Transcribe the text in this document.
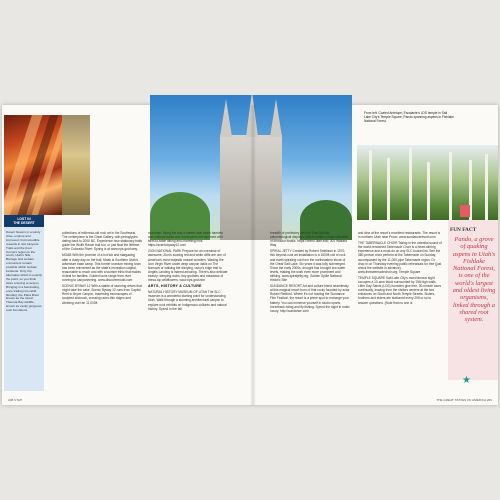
From left: Coated Antelope; Escalante's LDS temple in Salt Lake City's Temple Square; Pando spanning aspens in Fishlake National Forest.
LOST IN
THE DESERT
Desert flowers in a windy drive, explore and improved; find incredible rewards in slot canyons. Trails and the Four Corners region to the south, Utah's hills, Barrage and sudden encounters remain possible within sudden incidents. Only trip alternates which is exactly the point, so you think twice entering a canyon. Bringing in a fascinating, once trailing into rabid flooding, the Paria River known as the Great Thermal Bay wildlife, known as vastly gorgeous rock formations.

collections of millennia-old rock art in the Southwest. The centerpiece is the Great Gallery, with petroglyphs dating back to 2000 BC. Experience how stationary trails guide the Wolfe Ranch trail too, or just float the lifetime of the Colorado River: Spring is at www.nps.gov/cany.

MOAB With the promise of a hot tub and stargazing after a dusty day on the trail, Moab is Southern Utah's adventure base camp. This former uranium mining town has been reinvented as the state's recreation capital, reasonable to reach and with a tourism ethic that makes it ideal for families. Guided tours range from river running to canyoneering. www.discovermoab.com

SCENIC BYWAY 12 With a stable of stunning drives that might take the cake, Scenic Byway 12 runs from Capitol Reef to Bryce Canyon, traversing moonscapes of sculpted slickrock, crossing razor-thin ridges and climbing over an 11,000ft

mountain. Along the way it meets rural ranch hamlets and national parks and monuments interspersed with farm-to-table dining and charming inns. https://scenicbyway12.com

ZION NATIONAL PARK Prepare for an overdose of awesome; Zion's soaring red and white cliffs are one of America's most majestic natural wonders. Wading the icon Virgin River under deep canyon walls on The Narrows or walking the dizzying, razor's edge trail to Angels Landing is indeed amazing. There's also delicate beauty: weeping rocks, tiny grottoes and meadows of mesa-top wildflowers. www.nps.gov/zion

ARTS, HISTORY & CULTURE

NATURAL HISTORY MUSEUM OF UTAH The SLC museum is a wonderful starting point for understanding Utah. Walk through a stunning architectural canyon to explore cool exhibits on Indigenous cultures and natural history. Spend in the fall

breadth of prehistory with the Past Worlds paleontological displays, which contain a vast collection of dinosaur fossils. https://nhmu.utah.edu; 301 Wakara Way

SPIRAL JETTY Created by Robert Smithson in 1970, this beyond-cool art installation is a 1500ft coil of rock and earth spiraling out from the northeastern shore of the Great Salt Lake. Six years it was fully submerged. Since the early 2000s, drought has brought low water levels, making the work even more prominent and striking. www.spiraljetty.org; Golden Spike National Historic Site

SUNDANCE RESORT Art and culture blend seamlessly at this magical resort born of that rocky founded by actor Robert Redford. Where it's not hosting the Sundance Film Festival, the resort is a prime spot to recharge your battery. You can immerse yourself in studio sports, horseback riding and fly fishing. Spend the night in rustic luxury. http://sundance.com

and dine at the resort's excellent restaurants. The resort is in northern Utah near Provo. www.sundanceresort.com

THE TABERNACLE CHOIR Taking in the celestial sound of the world-renowned Tabernacle Choir is a heart-stirring experience and a must-do on any SLC bucket list. See the 360-person choir perform at the Tabernacle on Sunday, accompanied by the 11,000-pipe Tabernacle organ. Or drop in on Thursday evening public rehearsals for free (just check the website in advance). www.thetabernaclechoir.org; Temple Square

TEMPLE SQUARE Salt Lake City's most famous sight occupies a 10-acre block surrounded by 15ft high walls. Lifter Day Saints (LDS) founders give free, 30-minute tours continually, leaving from the visitors centers at the two entrances on South and North Temple Streets. Sisters, brothers and elders are stationed every 20ft or so to answer questions. (Note that no one is

FUN FACT
Pando, a grove of quaking aspens in Utah's Fishlake National Forest, is one of the world's largest and oldest living organisms, linked through a shared root system.
★
208 UTAH	THE GREAT STATES OF AMERICA 209
